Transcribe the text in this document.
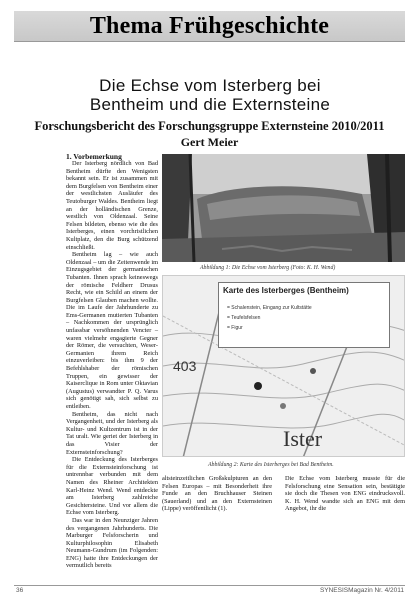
Thema Frühgeschichte
Die Echse vom Isterberg bei
Bentheim und die Externsteine
Forschungsbericht des Forschungsgruppe Externsteine 2010/2011
Gert Meier
1. Vorbemerkung

Der Isterberg nördlich von Bad Bentheim dürfte den Wenigsten bekannt sein. Er ist zusammen mit dem Burgfelsen von Bentheim einer der westlichsten Ausläufer des Teutoburger Waldes. Bentheim liegt an der holländischen Grenze, westlich von Oldenzaal. Seine Felsen bildeten, ebenso wie die des Isterberges, einen vorchristlichen Kultplatz, den die Burg schützend einschließt.

Bentheim lag – wie auch Oldenzaal – um die Zeitenwende im Einzugsgebiet der germanischen Tubanten. Ihnen sprach keineswegs der römische Feldherr Drusus Recht, wie ein Schild an einem der Burgfelsen Glauben machen wollte. Die im Laufe der Jahrhunderte zu Ems-Germanen mutierten Tubanten – Nachkommen der ursprünglich unfassbar versöhnenden Vencter – waren vielmehr engagierte Gegner der Römer, die versuchten, Weser-Germanien ihrem Reich einzuverleiben: bis ihm 9 der Befehlshaber der römischen Truppen, ein gewisser der Kaiserclique in Rom unter Oktavian (Augustus) verwandter P. Q. Varus sich genötigt sah, sich selbst zu entleiben.

Bentheim, das nicht nach Vergangenheit, und der Isterberg als Kultur- und Kultzentrum ist in der Tat uralt. Wie geriet der Isterberg in das Visier der Externsteinforschung?

Die Entdeckung des Isterberges für die Externsteinforschung ist untrennbar verbunden mit dem Namen des Rheiner Architekten Karl-Heinz Wend. Wend entdeckte am Isterberg zahlreiche Gesichtersteine. Und vor allem die Echse vom Isterberg.

Das war in den Neunziger Jahren des vergangenen Jahrhunderts. Die Marburger Felsforscherin und Kulturphilosophin Elisabeth Neumann-Gundrum (im Folgenden: ENG) hatte ihre Entdeckungen der vermutlich bereits

Abbildung 1: Die Echse vom Isterberg (Foto: K. H. Wend)
403
Ister
Karte des Isterberges (Bentheim)
= Schalenstein, Eingang zur Kultstätte
= Teufelsfelsen
= Figur
Abbildung 2: Karte des Isterberges bei Bad Bentheim.

altsteinzeitlichen Großskulpturen an den Felsen Europas – mit Besonderheit ihre Funde an den Bruchhauser Steinen (Sauerland) und an den Externsteinen (Lippe) veröffentlicht (1).

Die Echse vom Isterberg musste für die Felsforschung eine Sensation sein, bestätigte sie doch die Thesen von ENG eindrucksvoll. K. H. Wend wandte sich an ENG mit dem Angebot, ihr die

36	SYNESISMagazin Nr. 4/2011
